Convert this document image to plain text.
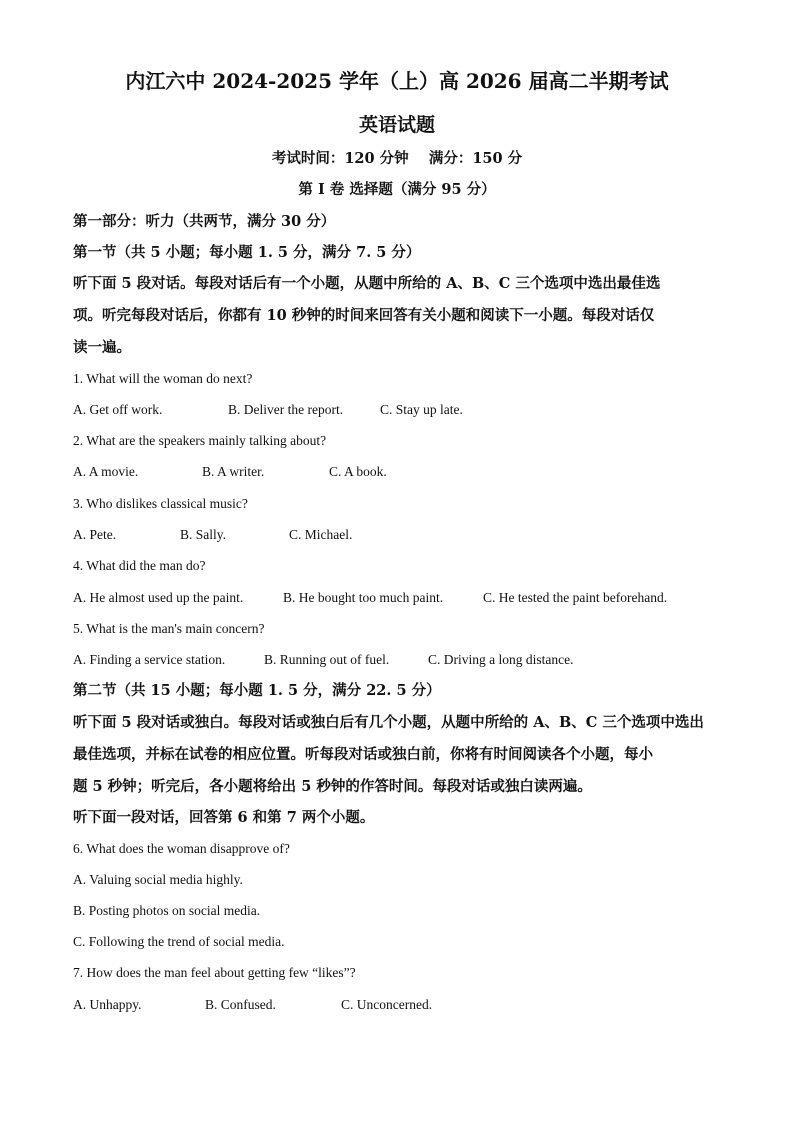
内江六中 2024-2025 学年（上）高 2026 届高二半期考试
英语试题
考试时间：120 分钟    满分：150 分
第 I 卷 选择题（满分 95 分）
第一部分：听力（共两节，满分 30 分）
第一节（共 5 小题；每小题 1. 5 分，满分 7. 5 分）
听下面 5 段对话。每段对话后有一个小题，从题中所给的 A、B、C 三个选项中选出最佳选
项。听完每段对话后，你都有 10 秒钟的时间来回答有关小题和阅读下一小题。每段对话仅
读一遍。
1. What will the woman do next?
A. Get off work.	B. Deliver the report.	C. Stay up late.
2. What are the speakers mainly talking about?
A. A movie.	B. A writer.	C. A book.
3. Who dislikes classical music?
A. Pete.	B. Sally.	C. Michael.
4. What did the man do?
A. He almost used up the paint.	B. He bought too much paint.	C. He tested the paint beforehand.
5. What is the man's main concern?
A. Finding a service station.	B. Running out of fuel.	C. Driving a long distance.
第二节（共 15 小题；每小题 1. 5 分，满分 22. 5 分）
听下面 5 段对话或独白。每段对话或独白后有几个小题，从题中所给的 A、B、C 三个选项中选出
最佳选项，并标在试卷的相应位置。听每段对话或独白前，你将有时间阅读各个小题，每小
题 5 秒钟；听完后，各小题将给出 5 秒钟的作答时间。每段对话或独白读两遍。
听下面一段对话，回答第 6 和第 7 两个小题。
6. What does the woman disapprove of?
A. Valuing social media highly.
B. Posting photos on social media.
C. Following the trend of social media.
7. How does the man feel about getting few “likes”?
A. Unhappy.	B. Confused.	C. Unconcerned.
